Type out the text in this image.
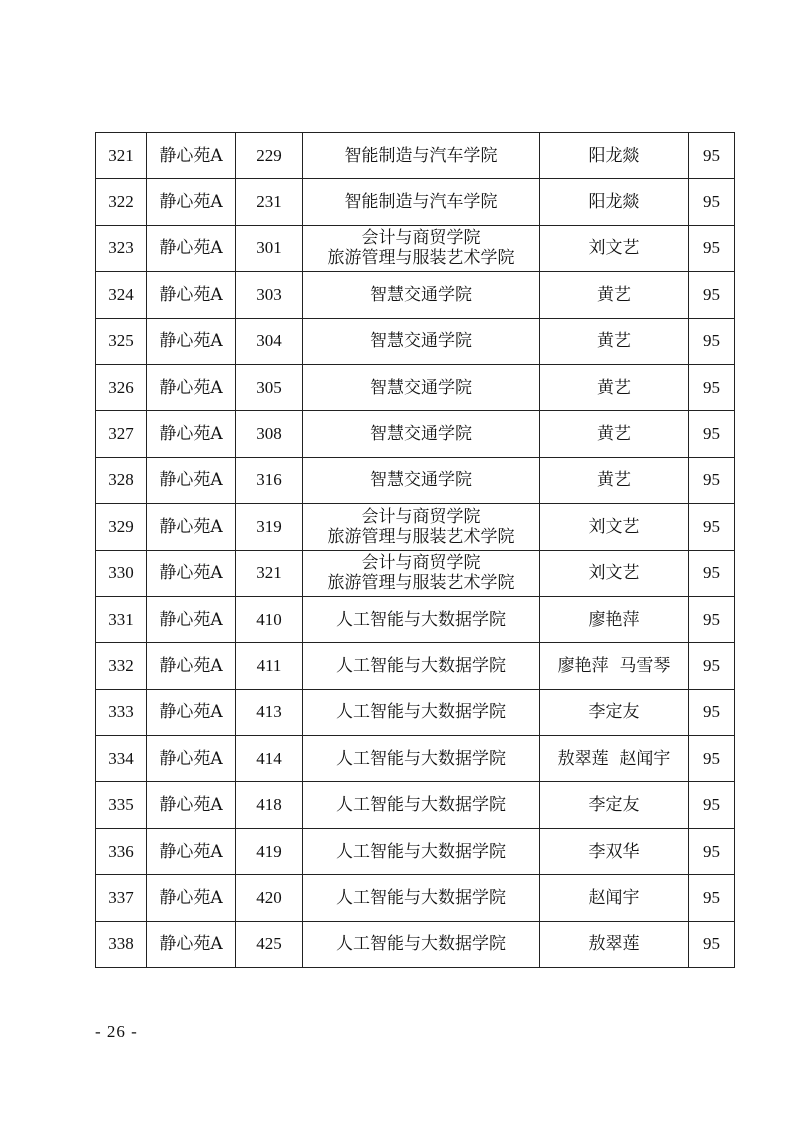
321	静心苑A	229	智能制造与汽车学院	阳龙燚	95
322	静心苑A	231	智能制造与汽车学院	阳龙燚	95
323	静心苑A	301	会计与商贸学院
旅游管理与服装艺术学院	刘文艺	95
324	静心苑A	303	智慧交通学院	黄艺	95
325	静心苑A	304	智慧交通学院	黄艺	95
326	静心苑A	305	智慧交通学院	黄艺	95
327	静心苑A	308	智慧交通学院	黄艺	95
328	静心苑A	316	智慧交通学院	黄艺	95
329	静心苑A	319	会计与商贸学院
旅游管理与服装艺术学院	刘文艺	95
330	静心苑A	321	会计与商贸学院
旅游管理与服装艺术学院	刘文艺	95
331	静心苑A	410	人工智能与大数据学院	廖艳萍	95
332	静心苑A	411	人工智能与大数据学院	廖艳萍  马雪琴	95
333	静心苑A	413	人工智能与大数据学院	李定友	95
334	静心苑A	414	人工智能与大数据学院	敖翠莲  赵闻宇	95
335	静心苑A	418	人工智能与大数据学院	李定友	95
336	静心苑A	419	人工智能与大数据学院	李双华	95
337	静心苑A	420	人工智能与大数据学院	赵闻宇	95
338	静心苑A	425	人工智能与大数据学院	敖翠莲	95
- 26 -
